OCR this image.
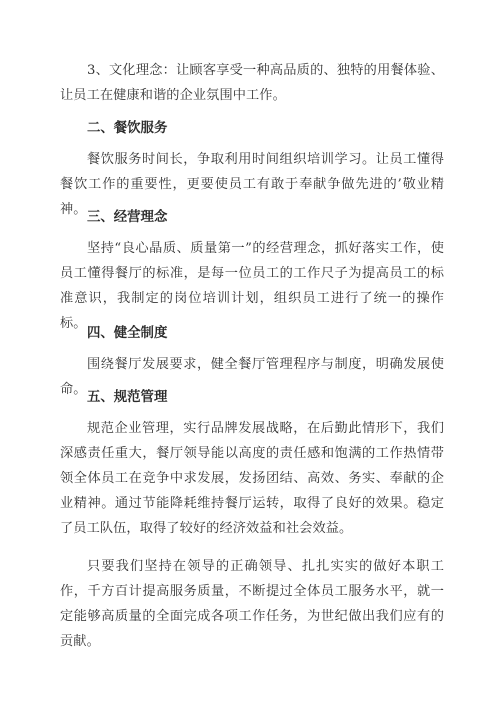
3、文化理念：让顾客享受一种高品质的、独特的用餐体验、让员工在健康和谐的企业氛围中工作。

二、餐饮服务

餐饮服务时间长，争取利用时间组织培训学习。让员工懂得餐饮工作的重要性，更要使员工有敢于奉献争做先进的’敬业精神。 三、经营理念

坚持“良心晶质、质量第一”的经营理念，抓好落实工作，使员工懂得餐厅的标准，是每一位员工的工作尺子为提高员工的标准意识，我制定的岗位培训计划，组织员工进行了统一的操作标。

四、健全制度

围绕餐厅发展要求，健全餐厅管理程序与制度，明确发展使命。 五、规范管理

规范企业管理，实行品牌发展战略，在后勤此情形下，我们深感责任重大，餐厅领导能以高度的责任感和饱满的工作热情带领全体员工在竞争中求发展，发扬团结、高效、务实、奉献的企业精神。通过节能降耗维持餐厅运转，取得了良好的效果。稳定了员工队伍，取得了较好的经济效益和社会效益。

只要我们坚持在领导的正确领导、扎扎实实的做好本职工作，千方百计提高服务质量，不断提过全体员工服务水平，就一定能够高质量的全面完成各项工作任务，为世纪做出我们应有的贡献。
